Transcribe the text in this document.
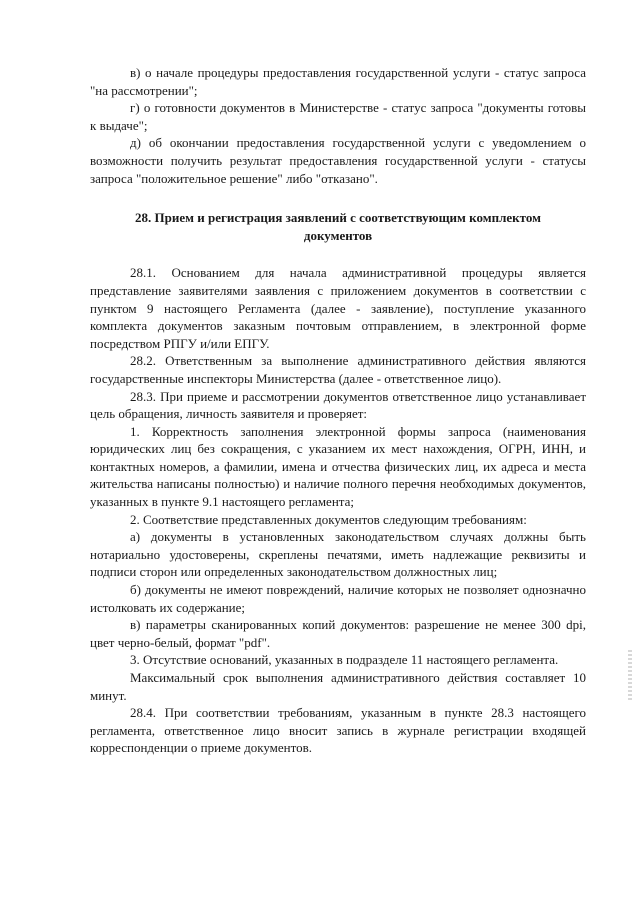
в) о начале процедуры предоставления государственной услуги - статус запроса "на рассмотрении";

г) о готовности документов в Министерстве - статус запроса "документы готовы к выдаче";

д) об окончании предоставления государственной услуги с уведомлением о возможности получить результат предоставления государственной услуги - статусы запроса "положительное решение" либо "отказано".

28. Прием и регистрация заявлений с соответствующим комплектом документов

28.1. Основанием для начала административной процедуры является представление заявителями заявления с приложением документов в соответствии с пунктом 9 настоящего Регламента (далее - заявление), поступление указанного комплекта документов заказным почтовым отправлением, в электронной форме посредством РПГУ и/или ЕПГУ.

28.2. Ответственным за выполнение административного действия являются государственные инспекторы Министерства (далее - ответственное лицо).

28.3. При приеме и рассмотрении документов ответственное лицо устанавливает цель обращения, личность заявителя и проверяет:

1. Корректность заполнения электронной формы запроса (наименования юридических лиц без сокращения, с указанием их мест нахождения, ОГРН, ИНН, и контактных номеров, а фамилии, имена и отчества физических лиц, их адреса и места жительства написаны полностью) и наличие полного перечня необходимых документов, указанных в пункте 9.1 настоящего регламента;

2. Соответствие представленных документов следующим требованиям:

а) документы в установленных законодательством случаях должны быть нотариально удостоверены, скреплены печатями, иметь надлежащие реквизиты и подписи сторон или определенных законодательством должностных лиц;

б) документы не имеют повреждений, наличие которых не позволяет однозначно истолковать их содержание;

в) параметры сканированных копий документов: разрешение не менее 300 dpi, цвет черно-белый, формат "pdf".

3. Отсутствие оснований, указанных в подразделе 11 настоящего регламента.

Максимальный срок выполнения административного действия составляет 10 минут.

28.4. При соответствии требованиям, указанным в пункте 28.3 настоящего регламента, ответственное лицо вносит запись в журнале регистрации входящей корреспонденции о приеме документов.
